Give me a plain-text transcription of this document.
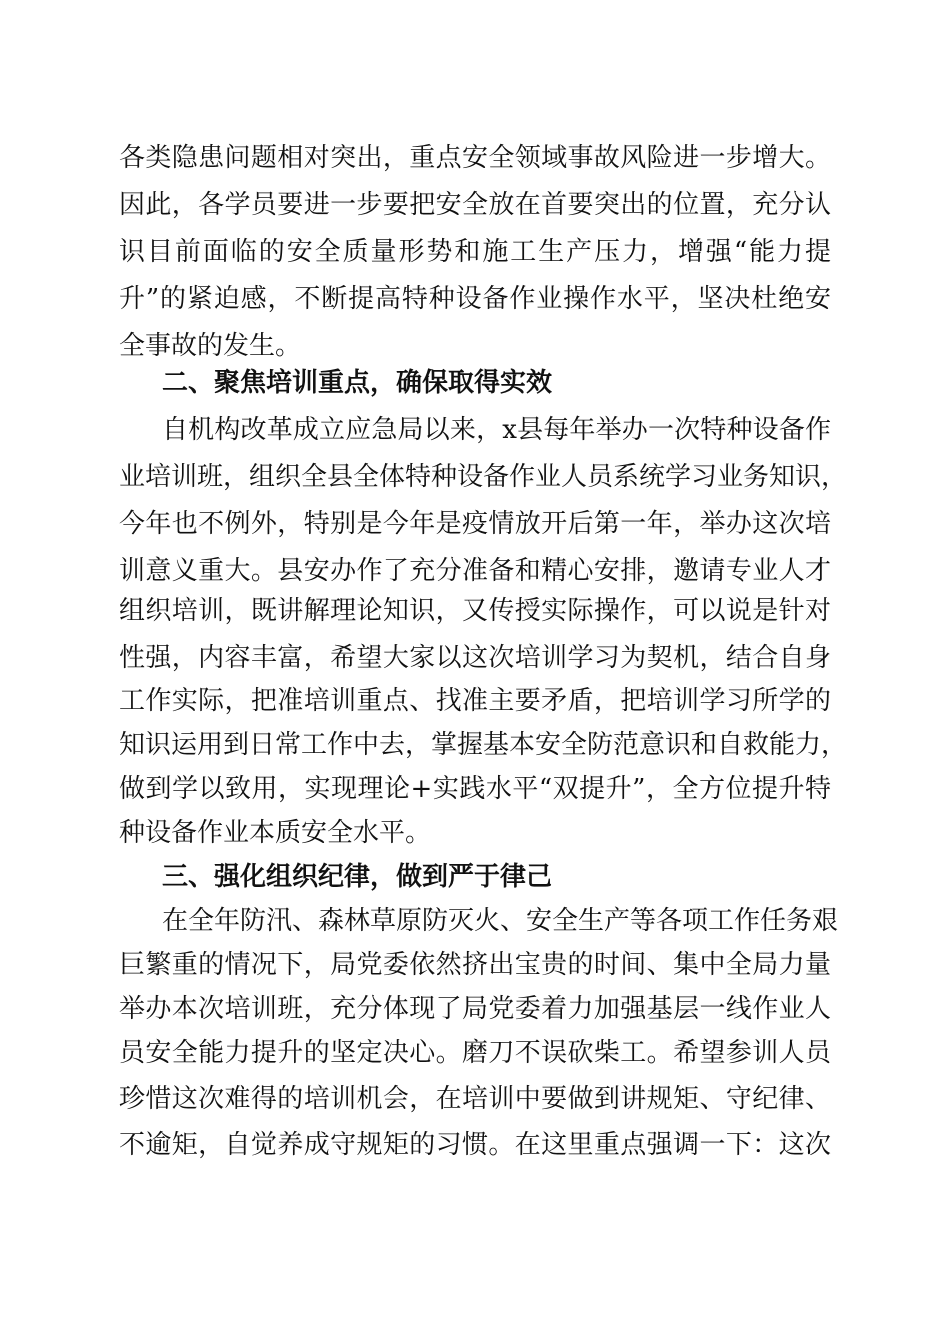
各类隐患问题相对突出，重点安全领域事故风险进一步增大。
因此，各学员要进一步要把安全放在首要突出的位置，充分认
识目前面临的安全质量形势和施工生产压力，增强“能力提
升”的紧迫感，不断提高特种设备作业操作水平，坚决杜绝安
全事故的发生。
二、聚焦培训重点，确保取得实效
自机构改革成立应急局以来，x县每年举办一次特种设备作
业培训班，组织全县全体特种设备作业人员系统学习业务知识，
今年也不例外，特别是今年是疫情放开后第一年，举办这次培
训意义重大。县安办作了充分准备和精心安排，邀请专业人才
组织培训，既讲解理论知识，又传授实际操作，可以说是针对
性强，内容丰富，希望大家以这次培训学习为契机，结合自身
工作实际，把准培训重点、找准主要矛盾，把培训学习所学的
知识运用到日常工作中去，掌握基本安全防范意识和自救能力，
做到学以致用，实现理论+实践水平“双提升”，全方位提升特
种设备作业本质安全水平。
三、强化组织纪律，做到严于律己
在全年防汛、森林草原防灭火、安全生产等各项工作任务艰
巨繁重的情况下，局党委依然挤出宝贵的时间、集中全局力量
举办本次培训班，充分体现了局党委着力加强基层一线作业人
员安全能力提升的坚定决心。磨刀不误砍柴工。希望参训人员
珍惜这次难得的培训机会，在培训中要做到讲规矩、守纪律、
不逾矩，自觉养成守规矩的习惯。在这里重点强调一下：这次
